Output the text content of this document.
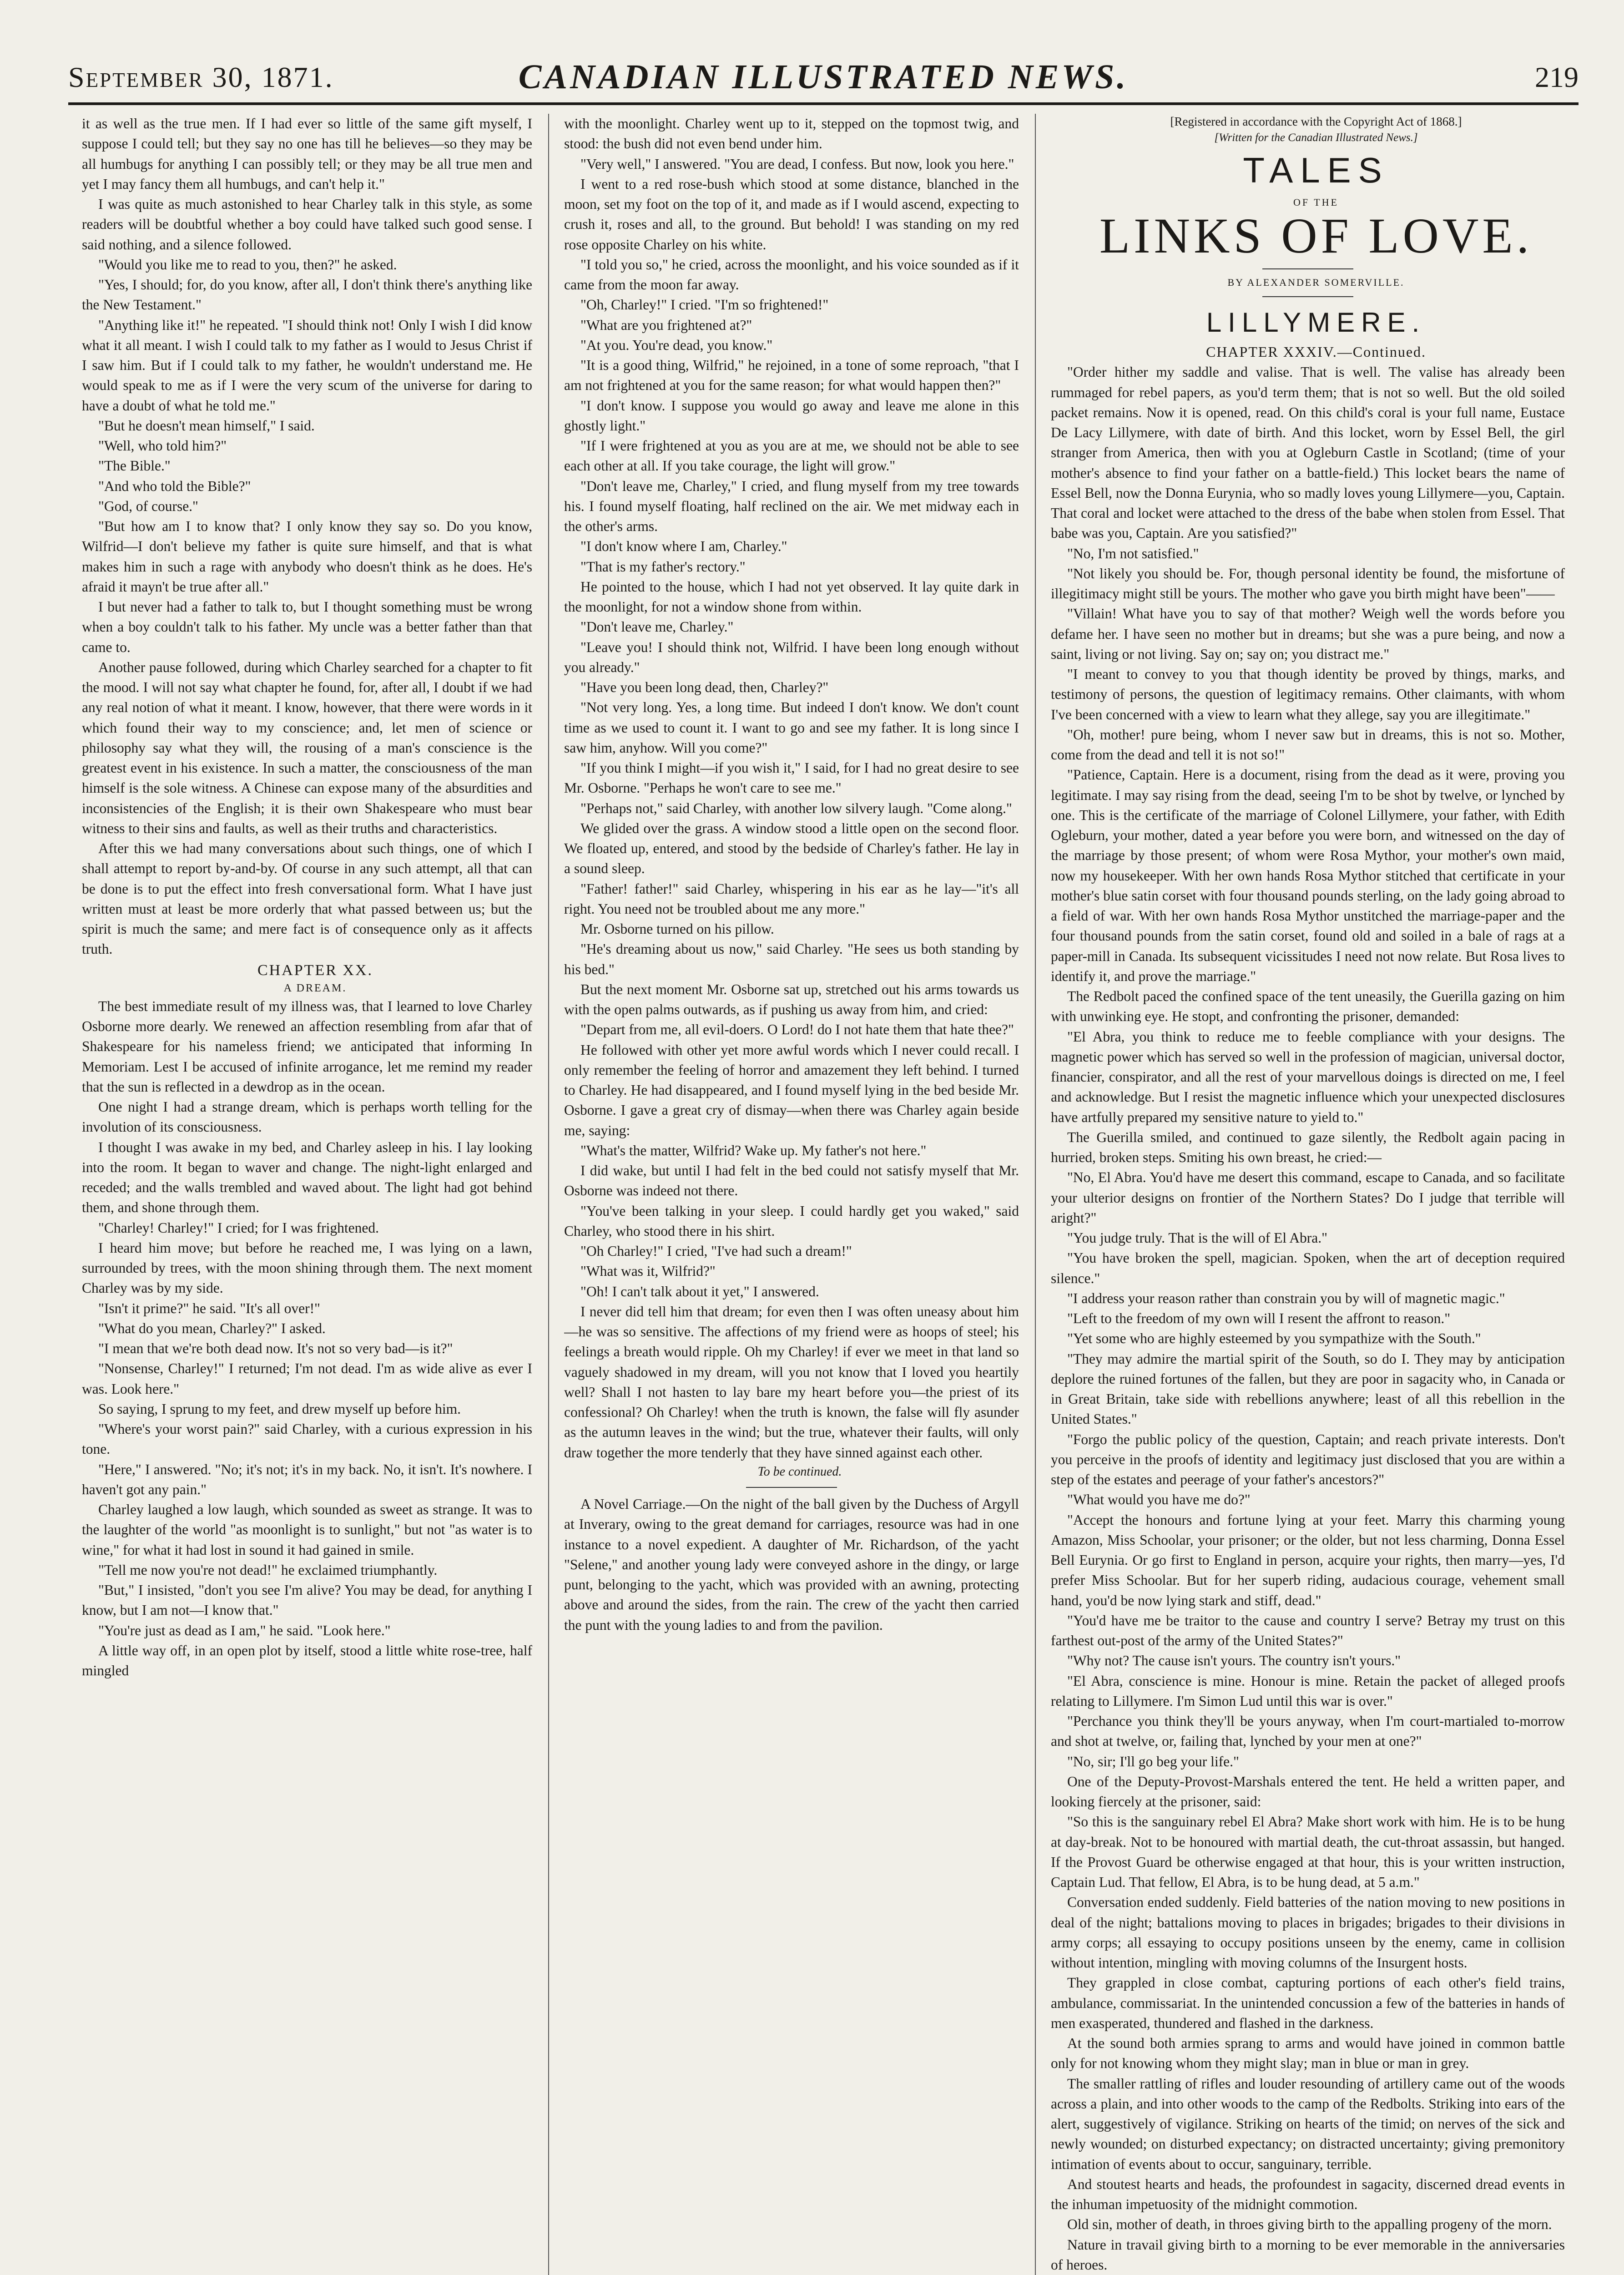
September 30, 1871.	CANADIAN ILLUSTRATED NEWS.	219

it as well as the true men. If I had ever so little of the same gift myself, I suppose I could tell; but they say no one has till he believes—so they may be all humbugs for anything I can possibly tell; or they may be all true men and yet I may fancy them all humbugs, and can't help it."

I was quite as much astonished to hear Charley talk in this style, as some readers will be doubtful whether a boy could have talked such good sense. I said nothing, and a silence followed.

"Would you like me to read to you, then?" he asked.

"Yes, I should; for, do you know, after all, I don't think there's anything like the New Testament."

"Anything like it!" he repeated. "I should think not! Only I wish I did know what it all meant. I wish I could talk to my father as I would to Jesus Christ if I saw him. But if I could talk to my father, he wouldn't understand me. He would speak to me as if I were the very scum of the universe for daring to have a doubt of what he told me."

"But he doesn't mean himself," I said.

"Well, who told him?"

"The Bible."

"And who told the Bible?"

"God, of course."

"But how am I to know that? I only know they say so. Do you know, Wilfrid—I don't believe my father is quite sure himself, and that is what makes him in such a rage with anybody who doesn't think as he does. He's afraid it mayn't be true after all."

I but never had a father to talk to, but I thought something must be wrong when a boy couldn't talk to his father. My uncle was a better father than that came to.

Another pause followed, during which Charley searched for a chapter to fit the mood. I will not say what chapter he found, for, after all, I doubt if we had any real notion of what it meant. I know, however, that there were words in it which found their way to my conscience; and, let men of science or philosophy say what they will, the rousing of a man's conscience is the greatest event in his existence. In such a matter, the consciousness of the man himself is the sole witness. A Chinese can expose many of the absurdities and inconsistencies of the English; it is their own Shakespeare who must bear witness to their sins and faults, as well as their truths and characteristics.

After this we had many conversations about such things, one of which I shall attempt to report by-and-by. Of course in any such attempt, all that can be done is to put the effect into fresh conversational form. What I have just written must at least be more orderly that what passed between us; but the spirit is much the same; and mere fact is of consequence only as it affects truth.

CHAPTER XX.

A DREAM.

The best immediate result of my illness was, that I learned to love Charley Osborne more dearly. We renewed an affection resembling from afar that of Shakespeare for his nameless friend; we anticipated that informing In Memoriam. Lest I be accused of infinite arrogance, let me remind my reader that the sun is reflected in a dewdrop as in the ocean.

One night I had a strange dream, which is perhaps worth telling for the involution of its consciousness.

I thought I was awake in my bed, and Charley asleep in his. I lay looking into the room. It began to waver and change. The night-light enlarged and receded; and the walls trembled and waved about. The light had got behind them, and shone through them.

"Charley! Charley!" I cried; for I was frightened.

I heard him move; but before he reached me, I was lying on a lawn, surrounded by trees, with the moon shining through them. The next moment Charley was by my side.

"Isn't it prime?" he said. "It's all over!"

"What do you mean, Charley?" I asked.

"I mean that we're both dead now. It's not so very bad—is it?"

"Nonsense, Charley!" I returned; I'm not dead. I'm as wide alive as ever I was. Look here."

So saying, I sprung to my feet, and drew myself up before him.

"Where's your worst pain?" said Charley, with a curious expression in his tone.

"Here," I answered. "No; it's not; it's in my back. No, it isn't. It's nowhere. I haven't got any pain."

Charley laughed a low laugh, which sounded as sweet as strange. It was to the laughter of the world "as moonlight is to sunlight," but not "as water is to wine," for what it had lost in sound it had gained in smile.

"Tell me now you're not dead!" he exclaimed triumphantly.

"But," I insisted, "don't you see I'm alive? You may be dead, for anything I know, but I am not—I know that."

"You're just as dead as I am," he said. "Look here."

A little way off, in an open plot by itself, stood a little white rose-tree, half mingled

with the moonlight. Charley went up to it, stepped on the topmost twig, and stood: the bush did not even bend under him.

"Very well," I answered. "You are dead, I confess. But now, look you here."

I went to a red rose-bush which stood at some distance, blanched in the moon, set my foot on the top of it, and made as if I would ascend, expecting to crush it, roses and all, to the ground. But behold! I was standing on my red rose opposite Charley on his white.

"I told you so," he cried, across the moonlight, and his voice sounded as if it came from the moon far away.

"Oh, Charley!" I cried. "I'm so frightened!"

"What are you frightened at?"

"At you. You're dead, you know."

"It is a good thing, Wilfrid," he rejoined, in a tone of some reproach, "that I am not frightened at you for the same reason; for what would happen then?"

"I don't know. I suppose you would go away and leave me alone in this ghostly light."

"If I were frightened at you as you are at me, we should not be able to see each other at all. If you take courage, the light will grow."

"Don't leave me, Charley," I cried, and flung myself from my tree towards his. I found myself floating, half reclined on the air. We met midway each in the other's arms.

"I don't know where I am, Charley."

"That is my father's rectory."

He pointed to the house, which I had not yet observed. It lay quite dark in the moonlight, for not a window shone from within.

"Don't leave me, Charley."

"Leave you! I should think not, Wilfrid. I have been long enough without you already."

"Have you been long dead, then, Charley?"

"Not very long. Yes, a long time. But indeed I don't know. We don't count time as we used to count it. I want to go and see my father. It is long since I saw him, anyhow. Will you come?"

"If you think I might—if you wish it," I said, for I had no great desire to see Mr. Osborne. "Perhaps he won't care to see me."

"Perhaps not," said Charley, with another low silvery laugh. "Come along."

We glided over the grass. A window stood a little open on the second floor. We floated up, entered, and stood by the bedside of Charley's father. He lay in a sound sleep.

"Father! father!" said Charley, whispering in his ear as he lay—"it's all right. You need not be troubled about me any more."

Mr. Osborne turned on his pillow.

"He's dreaming about us now," said Charley. "He sees us both standing by his bed."

But the next moment Mr. Osborne sat up, stretched out his arms towards us with the open palms outwards, as if pushing us away from him, and cried:

"Depart from me, all evil-doers. O Lord! do I not hate them that hate thee?"

He followed with other yet more awful words which I never could recall. I only remember the feeling of horror and amazement they left behind. I turned to Charley. He had disappeared, and I found myself lying in the bed beside Mr. Osborne. I gave a great cry of dismay—when there was Charley again beside me, saying:

"What's the matter, Wilfrid? Wake up. My father's not here."

I did wake, but until I had felt in the bed could not satisfy myself that Mr. Osborne was indeed not there.

"You've been talking in your sleep. I could hardly get you waked," said Charley, who stood there in his shirt.

"Oh Charley!" I cried, "I've had such a dream!"

"What was it, Wilfrid?"

"Oh! I can't talk about it yet," I answered.

I never did tell him that dream; for even then I was often uneasy about him—he was so sensitive. The affections of my friend were as hoops of steel; his feelings a breath would ripple. Oh my Charley! if ever we meet in that land so vaguely shadowed in my dream, will you not know that I loved you heartily well? Shall I not hasten to lay bare my heart before you—the priest of its confessional? Oh Charley! when the truth is known, the false will fly asunder as the autumn leaves in the wind; but the true, whatever their faults, will only draw together the more tenderly that they have sinned against each other.

To be continued.

A Novel Carriage.—On the night of the ball given by the Duchess of Argyll at Inverary, owing to the great demand for carriages, resource was had in one instance to a novel expedient. A daughter of Mr. Richardson, of the yacht "Selene," and another young lady were conveyed ashore in the dingy, or large punt, belonging to the yacht, which was provided with an awning, protecting above and around the sides, from the rain. The crew of the yacht then carried the punt with the young ladies to and from the pavilion.

[Registered in accordance with the Copyright Act of 1868.]

[Written for the Canadian Illustrated News.]

TALES

OF THE

LINKS OF LOVE.

BY ALEXANDER SOMERVILLE.

LILLYMERE.

CHAPTER XXXIV.—Continued.

"Order hither my saddle and valise. That is well. The valise has already been rummaged for rebel papers, as you'd term them; that is not so well. But the old soiled packet remains. Now it is opened, read. On this child's coral is your full name, Eustace De Lacy Lillymere, with date of birth. And this locket, worn by Essel Bell, the girl stranger from America, then with you at Ogleburn Castle in Scotland; (time of your mother's absence to find your father on a battle-field.) This locket bears the name of Essel Bell, now the Donna Eurynia, who so madly loves young Lillymere—you, Captain. That coral and locket were attached to the dress of the babe when stolen from Essel. That babe was you, Captain. Are you satisfied?"

"No, I'm not satisfied."

"Not likely you should be. For, though personal identity be found, the misfortune of illegitimacy might still be yours. The mother who gave you birth might have been"——

"Villain! What have you to say of that mother? Weigh well the words before you defame her. I have seen no mother but in dreams; but she was a pure being, and now a saint, living or not living. Say on; say on; you distract me."

"I meant to convey to you that though identity be proved by things, marks, and testimony of persons, the question of legitimacy remains. Other claimants, with whom I've been concerned with a view to learn what they allege, say you are illegitimate."

"Oh, mother! pure being, whom I never saw but in dreams, this is not so. Mother, come from the dead and tell it is not so!"

"Patience, Captain. Here is a document, rising from the dead as it were, proving you legitimate. I may say rising from the dead, seeing I'm to be shot by twelve, or lynched by one. This is the certificate of the marriage of Colonel Lillymere, your father, with Edith Ogleburn, your mother, dated a year before you were born, and witnessed on the day of the marriage by those present; of whom were Rosa Mythor, your mother's own maid, now my housekeeper. With her own hands Rosa Mythor stitched that certificate in your mother's blue satin corset with four thousand pounds sterling, on the lady going abroad to a field of war. With her own hands Rosa Mythor unstitched the marriage-paper and the four thousand pounds from the satin corset, found old and soiled in a bale of rags at a paper-mill in Canada. Its subsequent vicissitudes I need not now relate. But Rosa lives to identify it, and prove the marriage."

The Redbolt paced the confined space of the tent uneasily, the Guerilla gazing on him with unwinking eye. He stopt, and confronting the prisoner, demanded:

"El Abra, you think to reduce me to feeble compliance with your designs. The magnetic power which has served so well in the profession of magician, universal doctor, financier, conspirator, and all the rest of your marvellous doings is directed on me, I feel and acknowledge. But I resist the magnetic influence which your unexpected disclosures have artfully prepared my sensitive nature to yield to."

The Guerilla smiled, and continued to gaze silently, the Redbolt again pacing in hurried, broken steps. Smiting his own breast, he cried:—

"No, El Abra. You'd have me desert this command, escape to Canada, and so facilitate your ulterior designs on frontier of the Northern States? Do I judge that terrible will aright?"

"You judge truly. That is the will of El Abra."

"You have broken the spell, magician. Spoken, when the art of deception required silence."

"I address your reason rather than constrain you by will of magnetic magic."

"Left to the freedom of my own will I resent the affront to reason."

"Yet some who are highly esteemed by you sympathize with the South."

"They may admire the martial spirit of the South, so do I. They may by anticipation deplore the ruined fortunes of the fallen, but they are poor in sagacity who, in Canada or in Great Britain, take side with rebellions anywhere; least of all this rebellion in the United States."

"Forgo the public policy of the question, Captain; and reach private interests. Don't you perceive in the proofs of identity and legitimacy just disclosed that you are within a step of the estates and peerage of your father's ancestors?"

"What would you have me do?"

"Accept the honours and fortune lying at your feet. Marry this charming young Amazon, Miss Schoolar, your prisoner; or the older, but not less charming, Donna Essel Bell Eurynia. Or go first to England in person, acquire your rights, then marry—yes, I'd prefer Miss Schoolar. But for her superb riding, audacious courage, vehement small hand, you'd be now lying stark and stiff, dead."

"You'd have me be traitor to the cause and country I serve? Betray my trust on this farthest out-post of the army of the United States?"

"Why not? The cause isn't yours. The country isn't yours."

"El Abra, conscience is mine. Honour is mine. Retain the packet of alleged proofs relating to Lillymere. I'm Simon Lud until this war is over."

"Perchance you think they'll be yours anyway, when I'm court-martialed to-morrow and shot at twelve, or, failing that, lynched by your men at one?"

"No, sir; I'll go beg your life."

One of the Deputy-Provost-Marshals entered the tent. He held a written paper, and looking fiercely at the prisoner, said:

"So this is the sanguinary rebel El Abra? Make short work with him. He is to be hung at day-break. Not to be honoured with martial death, the cut-throat assassin, but hanged. If the Provost Guard be otherwise engaged at that hour, this is your written instruction, Captain Lud. That fellow, El Abra, is to be hung dead, at 5 a.m."

Conversation ended suddenly. Field batteries of the nation moving to new positions in deal of the night; battalions moving to places in brigades; brigades to their divisions in army corps; all essaying to occupy positions unseen by the enemy, came in collision without intention, mingling with moving columns of the Insurgent hosts.

They grappled in close combat, capturing portions of each other's field trains, ambulance, commissariat. In the unintended concussion a few of the batteries in hands of men exasperated, thundered and flashed in the darkness.

At the sound both armies sprang to arms and would have joined in common battle only for not knowing whom they might slay; man in blue or man in grey.

The smaller rattling of rifles and louder resounding of artillery came out of the woods across a plain, and into other woods to the camp of the Redbolts. Striking into ears of the alert, suggestively of vigilance. Striking on hearts of the timid; on nerves of the sick and newly wounded; on disturbed expectancy; on distracted uncertainty; giving premonitory intimation of events about to occur, sanguinary, terrible.

And stoutest hearts and heads, the profoundest in sagacity, discerned dread events in the inhuman impetuosity of the midnight commotion.

Old sin, mother of death, in throes giving birth to the appalling progeny of the morn.

Nature in travail giving birth to a morning to be ever memorable in the anniversaries of heroes.
